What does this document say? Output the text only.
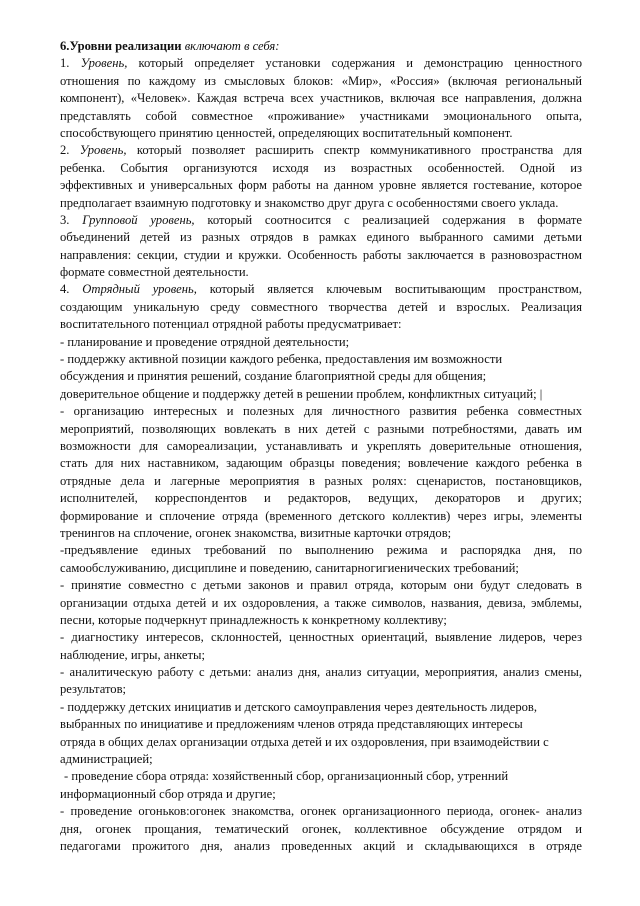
6.Уровни реализации включают в себя:
1. Уровень, который определяет установки содержания и демонстрацию ценностного
отношения по каждому из смысловых блоков: «Мир», «Россия» (включая региональный
компонент), «Человек». Каждая встреча всех участников, включая все направления, должна
представлять собой совместное «проживание» участниками эмоционального опыта,
способствующего принятию ценностей, определяющих воспитательный компонент.
2. Уровень, который позволяет расширить спектр коммуникативного пространства для
ребенка. События организуются исходя из возрастных особенностей. Одной из
эффективных и универсальных форм работы на данном уровне является гостевание, которое
предполагает взаимную подготовку и знакомство друг друга с особенностями своего уклада.
3. Групповой уровень, который соотносится с реализацией содержания в формате
объединений детей из разных отрядов в рамках единого выбранного самими детьми
направления: секции, студии и кружки. Особенность работы заключается в разновозрастном
формате совместной деятельности.
4. Отрядный уровень, который является ключевым воспитывающим пространством,
создающим уникальную среду совместного творчества детей и взрослых. Реализация
воспитательного потенциал отрядной работы предусматривает:
- планирование и проведение отрядной деятельности;
- поддержку активной позиции каждого ребенка, предоставления им возможности
обсуждения и принятия решений, создание благоприятной среды для общения;
доверительное общение и поддержку детей в решении проблем, конфликтных ситуаций; |
- организацию интересных и полезных для личностного развития ребенка совместных
мероприятий, позволяющих вовлекать в них детей с разными потребностями, давать им
возможности для самореализации, устанавливать и укреплять доверительные отношения,
стать для них наставником, задающим образцы поведения; вовлечение каждого ребенка в
отрядные дела и лагерные мероприятия в разных ролях: сценаристов, постановщиков,
исполнителей, корреспондентов и редакторов, ведущих, декораторов и других;
формирование и сплочение отряда (временного детского коллектив) через игры, элементы
тренингов на сплочение, огонек знакомства, визитные карточки отрядов;
-предъявление единых требований по выполнению режима и распорядка дня, по
самообслуживанию, дисциплине и поведению, санитарногигиенических требований;
- принятие совместно с детьми законов и правил отряда, которым они будут следовать в
организации отдыха детей и их оздоровления, а также символов, названия, девиза, эмблемы,
песни, которые подчеркнут принадлежность к конкретному коллективу;
- диагностику интересов, склонностей, ценностных ориентаций, выявление лидеров, через
наблюдение, игры, анкеты;
- аналитическую работу с детьми: анализ дня, анализ ситуации, мероприятия, анализ смены,
результатов;
- поддержку детских инициатив и детского самоуправления через деятельность лидеров,
выбранных по инициативе и предложениям членов отряда представляющих интересы
отряда в общих делах организации отдыха детей и их оздоровления, при взаимодействии с
администрацией;
- проведение сбора отряда: хозяйственный сбор, организационный сбор, утренний
информационный сбор отряда и другие;
- проведение огоньков:огонек знакомства, огонек организационного периода, огонек- анализ
дня, огонек прощания, тематический огонек, коллективное обсуждение отрядом и
педагогами прожитого дня, анализ проведенных акций и складывающихся в отряде
